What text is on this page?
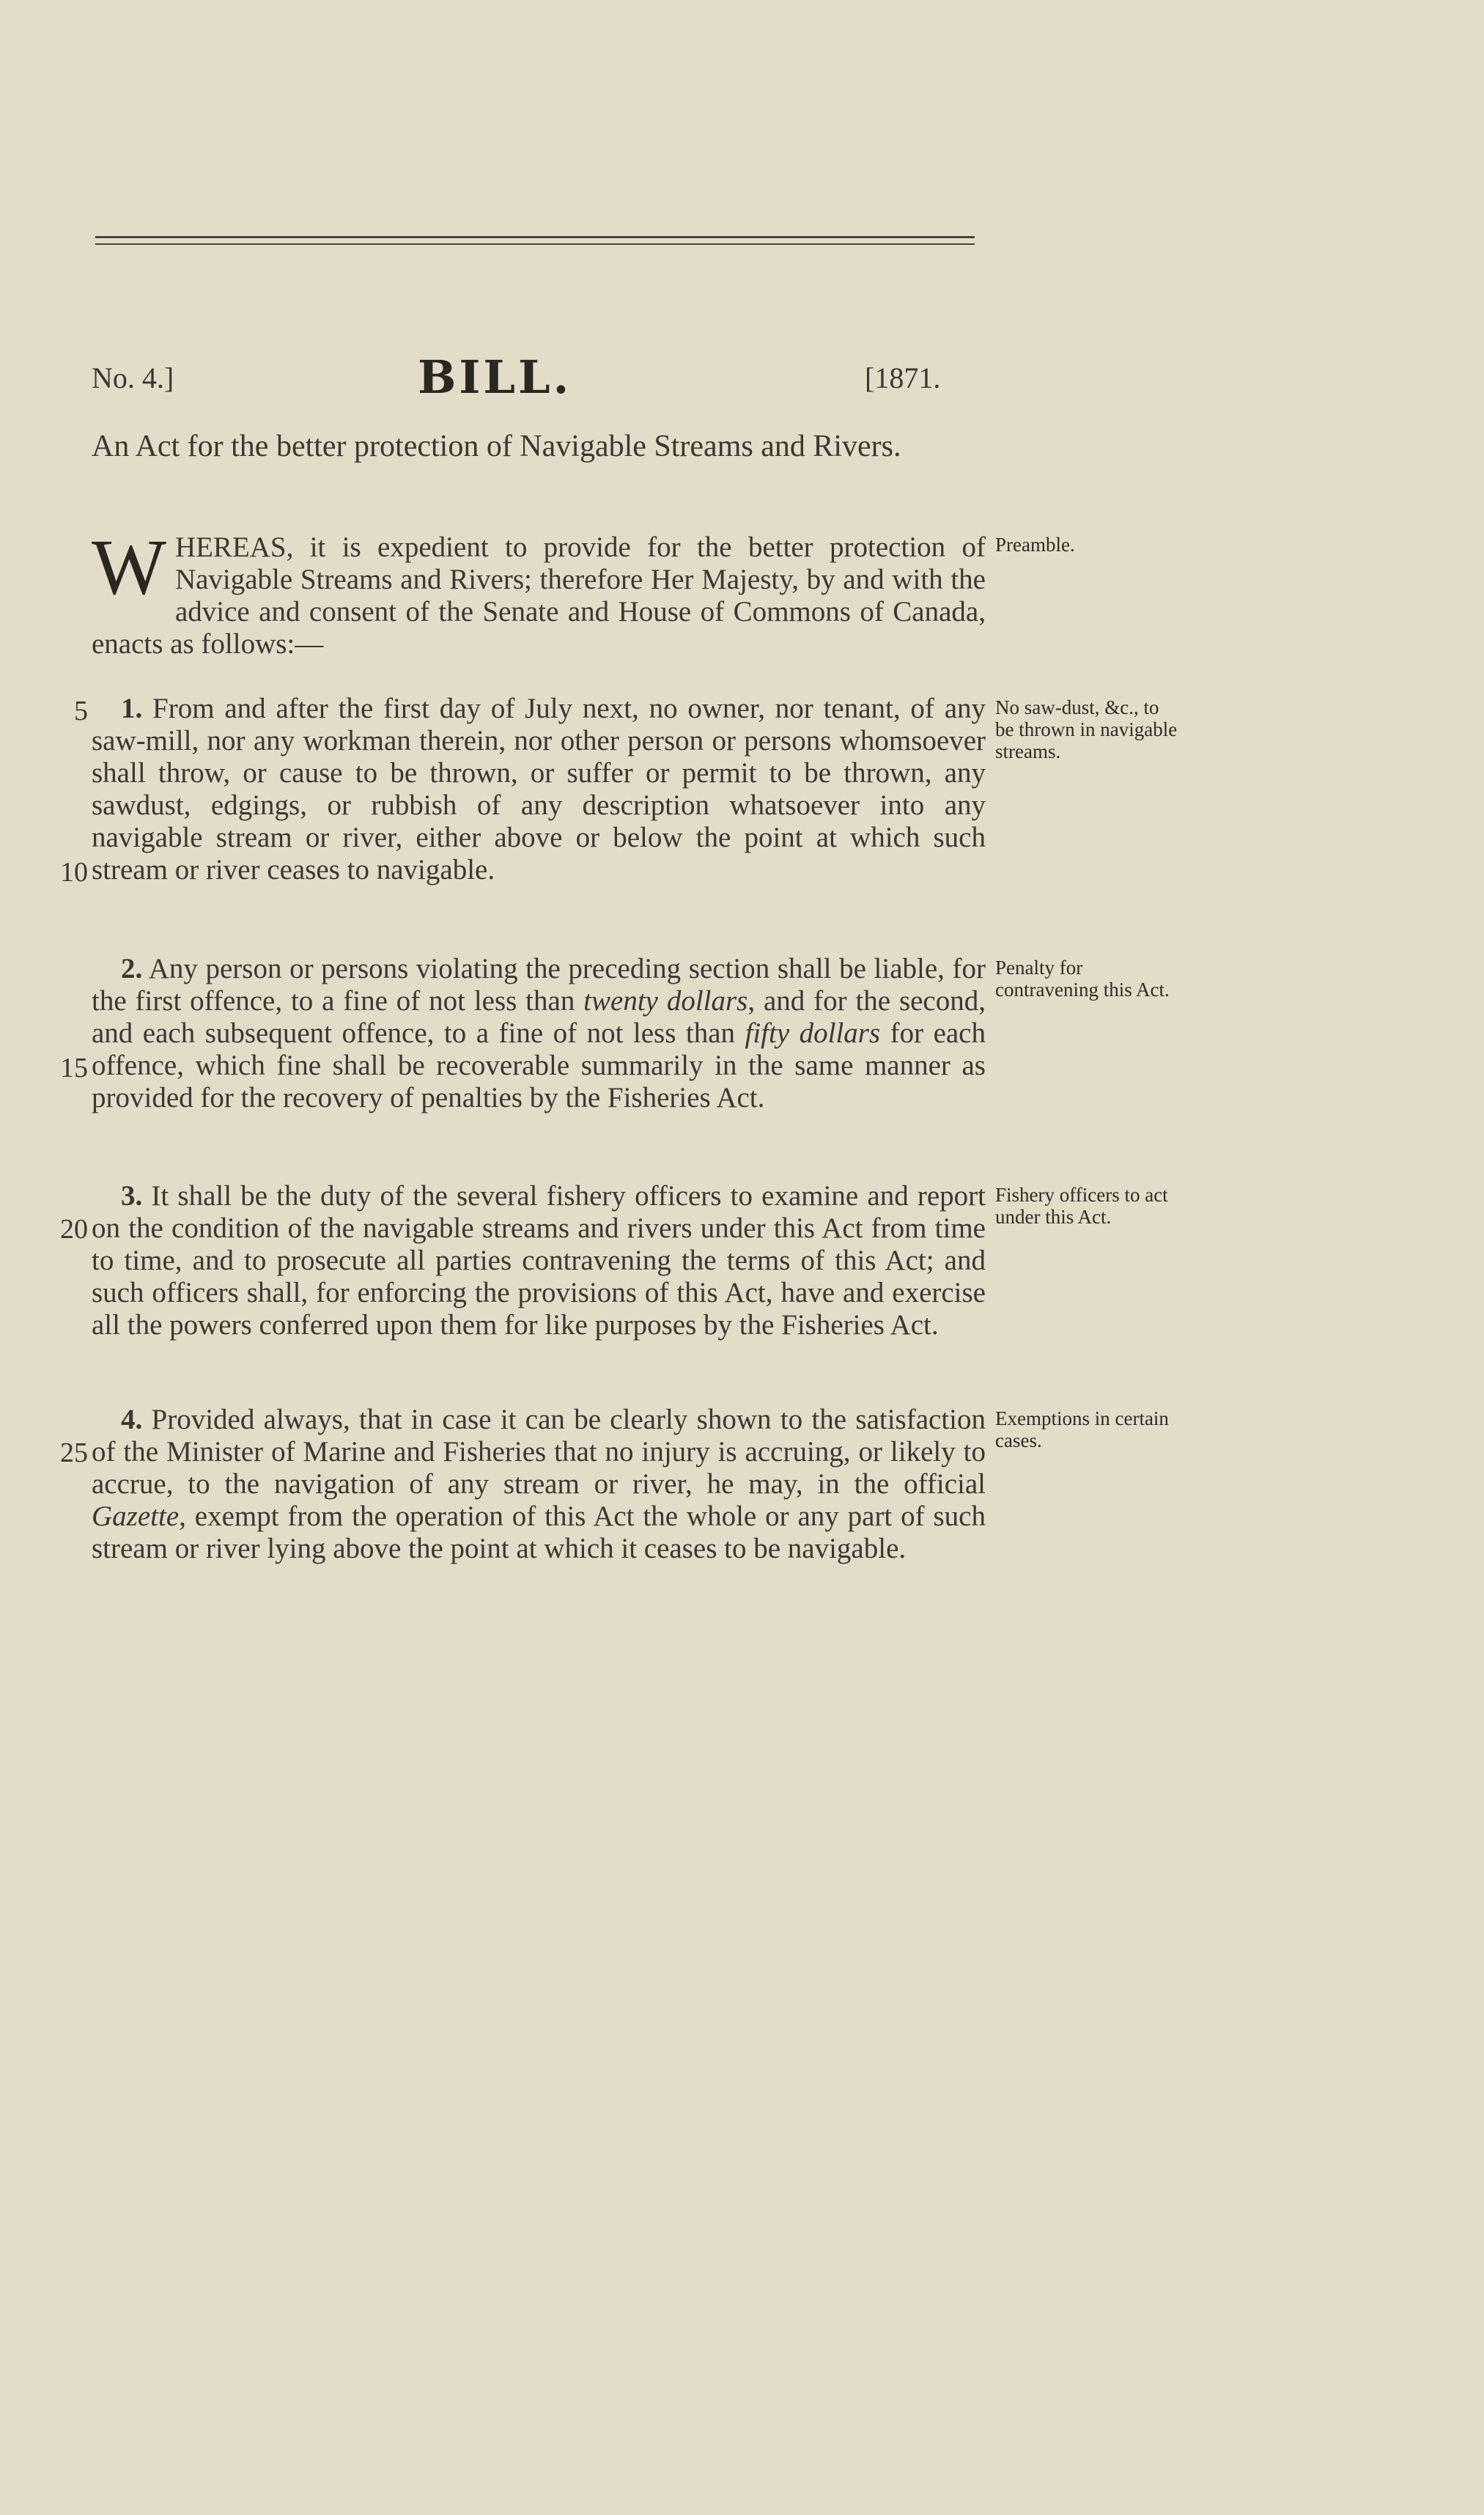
No. 4.]	BILL.	[1871.
An Act for the better protection of Navigable Streams and Rivers.
WHEREAS, it is expedient to provide for the better protection of Navigable Streams and Rivers; therefore Her Majesty, by and with the advice and consent of the Senate and House of Commons of Canada, enacts as follows:—
Preamble.
1. From and after the first day of July next, no owner, nor tenant, of any saw-mill, nor any workman therein, nor other person or persons whomsoever shall throw, or cause to be thrown, or suffer or permit to be thrown, any sawdust, edgings, or rubbish of any description whatsoever into any navigable stream or river, either above or below the point at which such stream or river ceases to navigable.
No saw-dust, &c., to be thrown in navigable streams.
2. Any person or persons violating the preceding section shall be liable, for the first offence, to a fine of not less than twenty dollars, and for the second, and each subsequent offence, to a fine of not less than fifty dollars for each offence, which fine shall be recoverable summarily in the same manner as provided for the recovery of penalties by the Fisheries Act.
Penalty for contravening this Act.
3. It shall be the duty of the several fishery officers to examine and report on the condition of the navigable streams and rivers under this Act from time to time, and to prosecute all parties contravening the terms of this Act; and such officers shall, for enforcing the provisions of this Act, have and exercise all the powers conferred upon them for like purposes by the Fisheries Act.
Fishery officers to act under this Act.
4. Provided always, that in case it can be clearly shown to the satisfaction of the Minister of Marine and Fisheries that no injury is accruing, or likely to accrue, to the navigation of any stream or river, he may, in the official Gazette, exempt from the operation of this Act the whole or any part of such stream or river lying above the point at which it ceases to be navigable.
Exemptions in certain cases.
5
10
15
20
25
